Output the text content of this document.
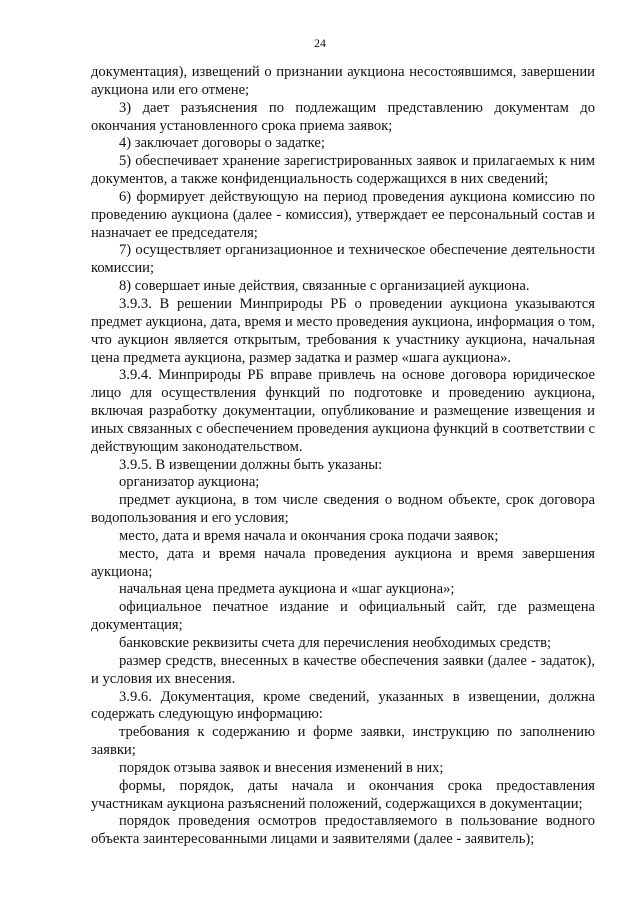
24

документация), извещений о признании аукциона несостоявшимся, завершении аукциона или его отмене;

3) дает разъяснения по подлежащим представлению документам до окончания установленного срока приема заявок;

4) заключает договоры о задатке;

5) обеспечивает хранение зарегистрированных заявок и прилагаемых к ним документов, а также конфиденциальность содержащихся в них сведений;

6) формирует действующую на период проведения аукциона комиссию по проведению аукциона (далее - комиссия), утверждает ее персональный состав и назначает ее председателя;

7) осуществляет организационное и техническое обеспечение деятельности комиссии;

8) совершает иные действия, связанные с организацией аукциона.

3.9.3. В решении Минприроды РБ о проведении аукциона указываются предмет аукциона, дата, время и место проведения аукциона, информация о том, что аукцион является открытым, требования к участнику аукциона, начальная цена предмета аукциона, размер задатка и размер «шага аукциона».

3.9.4. Минприроды РБ вправе привлечь на основе договора юридическое лицо для осуществления функций по подготовке и проведению аукциона, включая разработку документации, опубликование и размещение извещения и иных связанных с обеспечением проведения аукциона функций в соответствии с действующим законодательством.

3.9.5. В извещении должны быть указаны:

организатор аукциона;

предмет аукциона, в том числе сведения о водном объекте, срок договора водопользования и его условия;

место, дата и время начала и окончания срока подачи заявок;

место, дата и время начала проведения аукциона и время завершения аукциона;

начальная цена предмета аукциона и «шаг аукциона»;

официальное печатное издание и официальный сайт, где размещена документация;

банковские реквизиты счета для перечисления необходимых средств;

размер средств, внесенных в качестве обеспечения заявки (далее - задаток), и условия их внесения.

3.9.6. Документация, кроме сведений, указанных в извещении, должна содержать следующую информацию:

требования к содержанию и форме заявки, инструкцию по заполнению заявки;

порядок отзыва заявок и внесения изменений в них;

формы, порядок, даты начала и окончания срока предоставления участникам аукциона разъяснений положений, содержащихся в документации;

порядок проведения осмотров предоставляемого в пользование водного объекта заинтересованными лицами и заявителями (далее - заявитель);
